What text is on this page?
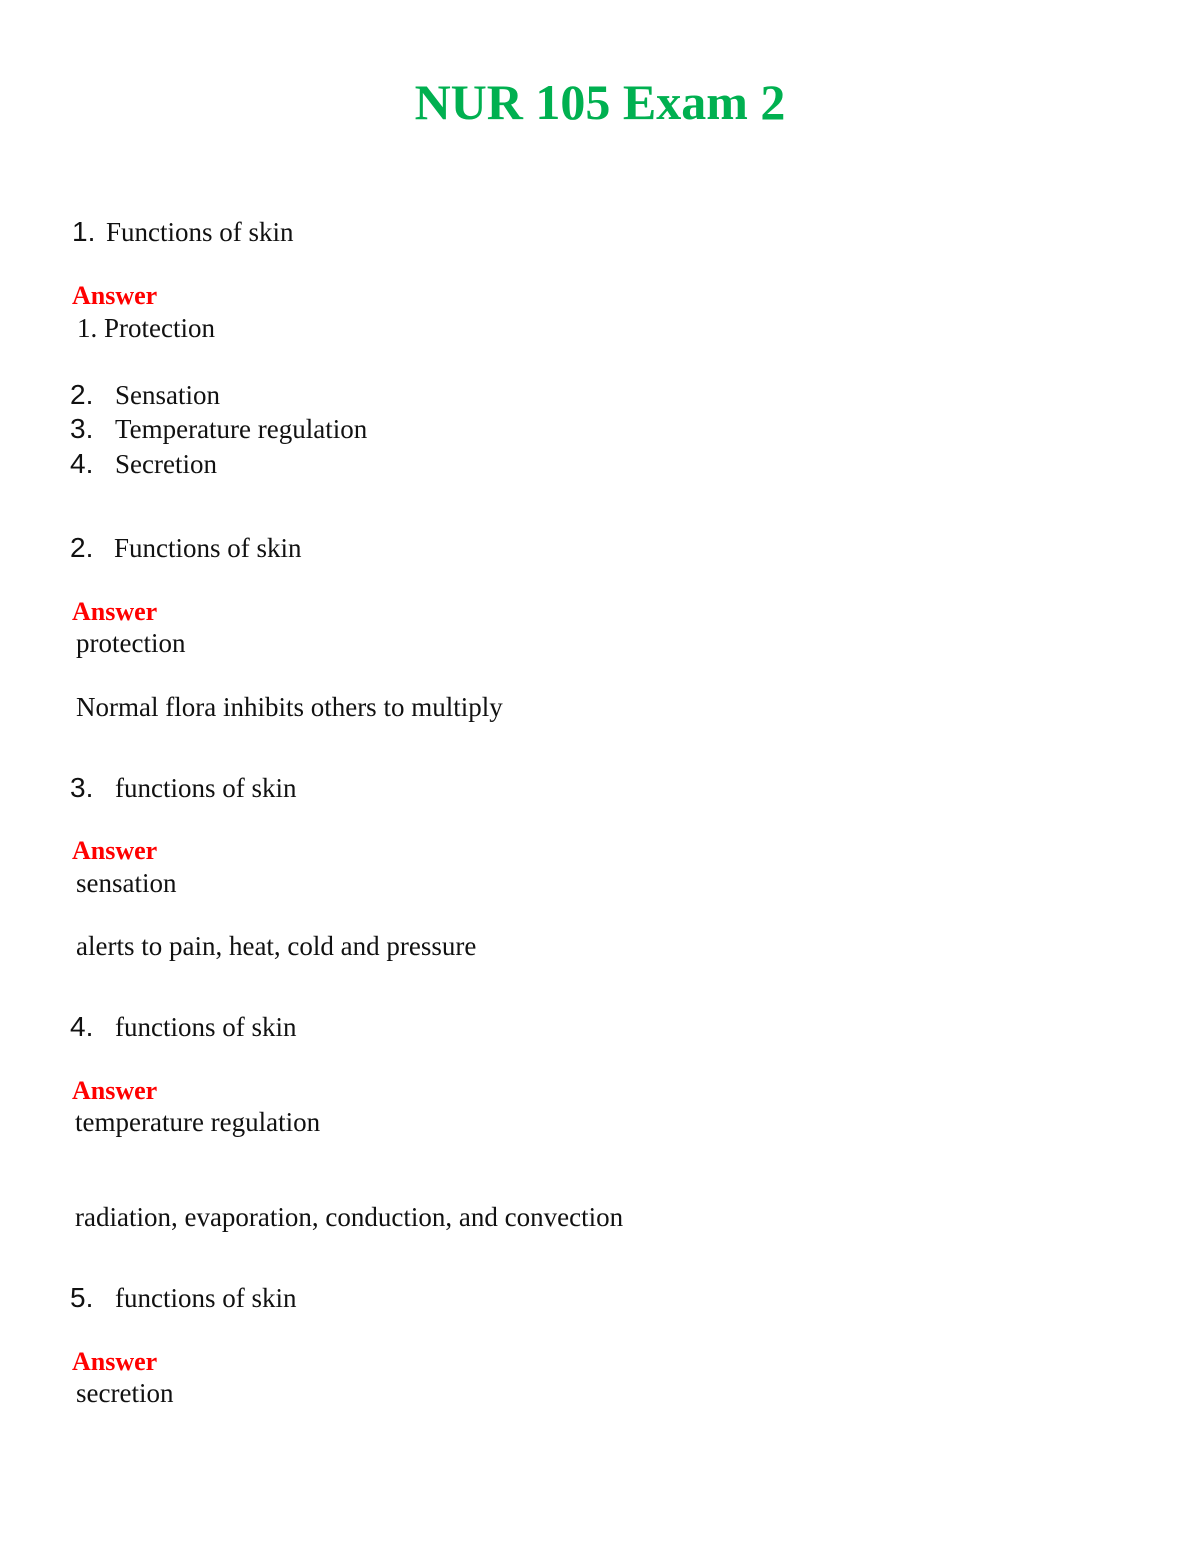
NUR 105 Exam 2
1. Functions of skin
Answer
1. Protection
2. Sensation
3. Temperature regulation
4. Secretion
2. Functions of skin
Answer
protection
Normal flora inhibits others to multiply
3. functions of skin
Answer
sensation
alerts to pain, heat, cold and pressure
4. functions of skin
Answer
temperature regulation
radiation, evaporation, conduction, and convection
5. functions of skin
Answer
secretion
